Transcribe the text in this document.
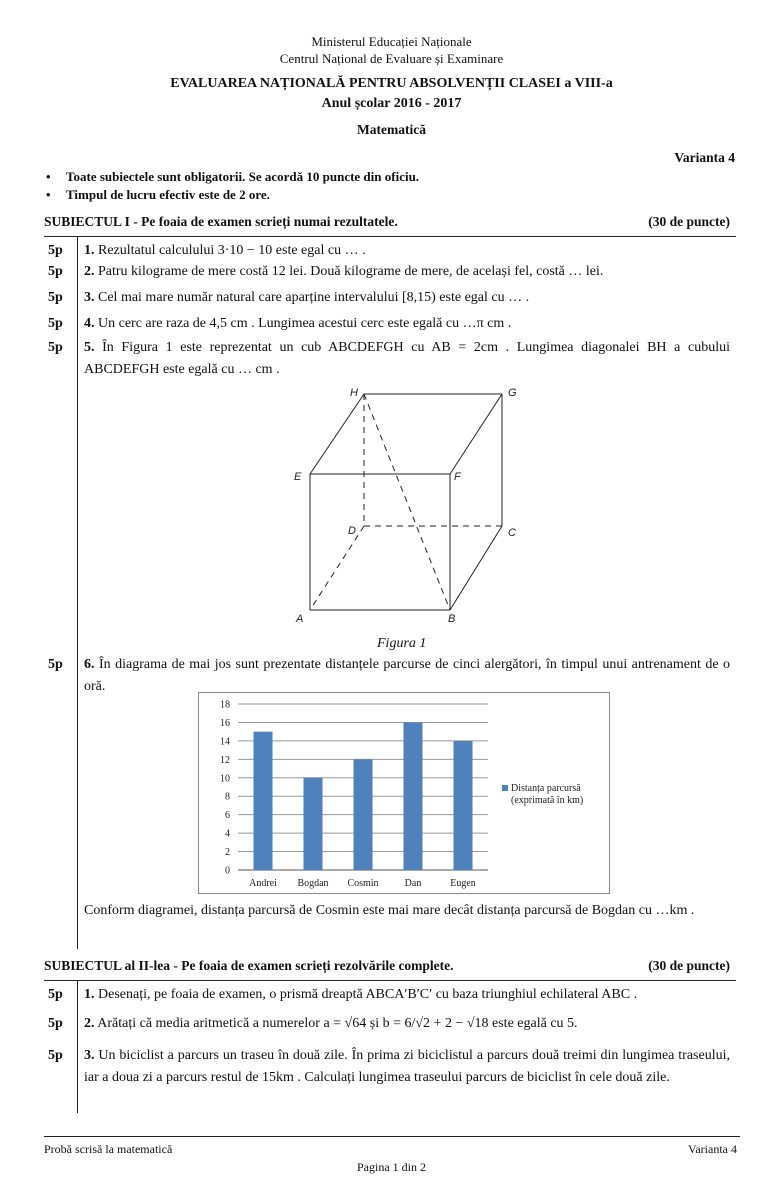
Ministerul Educației Naționale
Centrul Național de Evaluare și Examinare
EVALUAREA NAȚIONALĂ PENTRU ABSOLVENȚII CLASEI a VIII-a
Anul școlar 2016 - 2017
Matematică
Varianta 4
• Toate subiectele sunt obligatorii. Se acordă 10 puncte din oficiu.
• Timpul de lucru efectiv este de 2 ore.
SUBIECTUL I - Pe foaia de examen scrieți numai rezultatele.	(30 de puncte)
5p	1. Rezultatul calculului 3·10 − 10 este egal cu … .
5p	2. Patru kilograme de mere costă 12 lei. Două kilograme de mere, de același fel, costă … lei.
5p	3. Cel mai mare număr natural care aparține intervalului [8,15) este egal cu … .
5p	4. Un cerc are raza de 4,5 cm . Lungimea acestui cerc este egală cu …π cm .
5p	5. În Figura 1 este reprezentat un cub ABCDEFGH cu AB = 2cm . Lungimea diagonalei BH a cubului ABCDEFGH este egală cu … cm .
H	G
E	F
D	C
A	B
Figura 1
5p	6. În diagrama de mai jos sunt prezentate distanțele parcurse de cinci alergători, în timpul unui antrenament de o oră.
0
2
4
6
8
10
12
14
16
18
Andrei Bogdan Cosmin	Dan	Eugen
Distanța parcursă
(exprimată în km)
Conform diagramei, distanța parcursă de Cosmin este mai mare decât distanța parcursă de Bogdan cu …km .
SUBIECTUL al II-lea - Pe foaia de examen scrieți rezolvările complete.	(30 de puncte)
5p	1. Desenați, pe foaia de examen, o prismă dreaptă ABCA′B′C′ cu baza triunghiul echilateral ABC .
5p	2. Arătați că media aritmetică a numerelor a = √64 și b = 6/√2 + 2 − √18 este egală cu 5.
5p	3. Un biciclist a parcurs un traseu în două zile. În prima zi biciclistul a parcurs două treimi din lungimea traseului, iar a doua zi a parcurs restul de 15km . Calculați lungimea traseului parcurs de biciclist în cele două zile.
Probă scrisă la matematică	Varianta 4
Pagina 1 din 2
